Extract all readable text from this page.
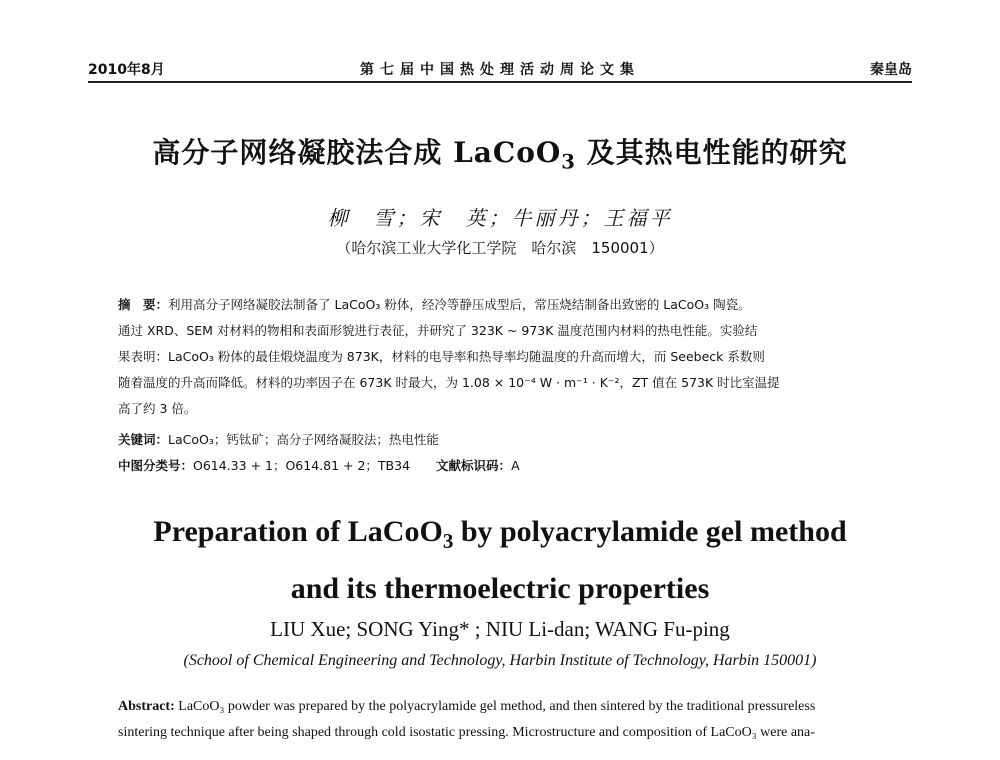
2010年8月	第七届中国热处理活动周论文集	秦皇岛
高分子网络凝胶法合成 LaCoO$_3$ 及其热电性能的研究
柳　雪；宋　英；牛丽丹；王福平
（哈尔滨工业大学化工学院　哈尔滨　150001）
摘　要：利用高分子网络凝胶法制备了 LaCoO₃ 粉体，经冷等静压成型后，常压烧结制备出致密的 LaCoO₃ 陶瓷。
通过 XRD、SEM 对材料的物相和表面形貌进行表征，并研究了 323K ~ 973K 温度范围内材料的热电性能。实验结
果表明：LaCoO₃ 粉体的最佳煅烧温度为 873K，材料的电导率和热导率均随温度的升高而增大，而 Seebeck 系数则
随着温度的升高而降低。材料的功率因子在 673K 时最大，为 1.08 × 10⁻⁴ W · m⁻¹ · K⁻²，ZT 值在 573K 时比室温提
高了约 3 倍。
关键词：LaCoO₃；钙钛矿；高分子网络凝胶法；热电性能
中图分类号：O614.33 + 1；O614.81 + 2；TB34 文献标识码：A
Preparation of LaCoO$_3$ by polyacrylamide gel method
and its thermoelectric properties
LIU Xue; SONG Ying* ; NIU Li-dan; WANG Fu-ping
(School of Chemical Engineering and Technology, Harbin Institute of Technology, Harbin 150001)
Abstract: LaCoO₃ powder was prepared by the polyacrylamide gel method, and then sintered by the traditional pressureless
sintering technique after being shaped through cold isostatic pressing. Microstructure and composition of LaCoO₃ were ana-
